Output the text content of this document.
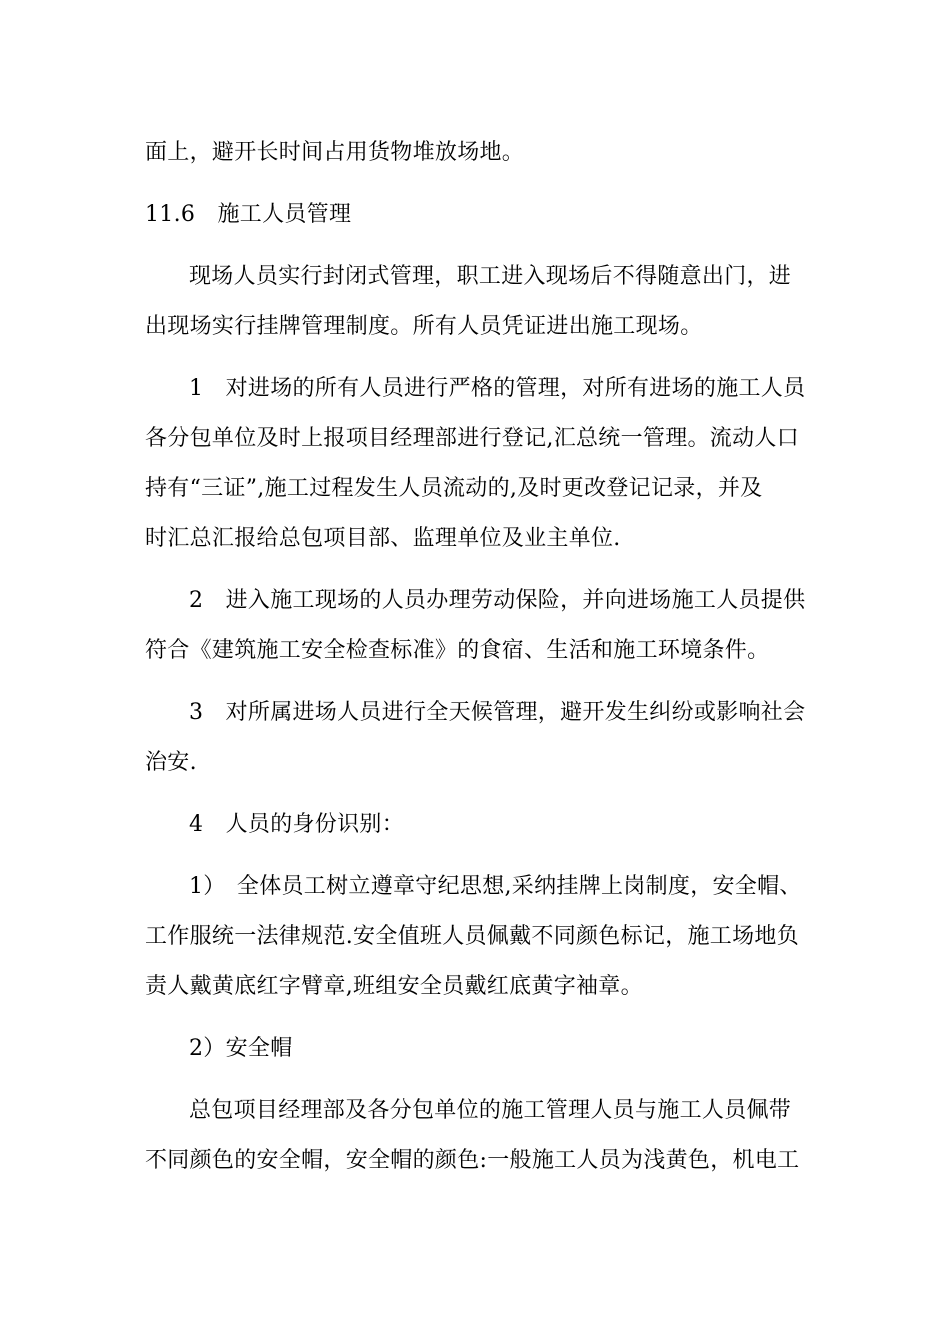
面上，避开长时间占用货物堆放场地。
11.6　施工人员管理
现场人员实行封闭式管理，职工进入现场后不得随意出门，进
出现场实行挂牌管理制度。所有人员凭证进出施工现场。
1　对进场的所有人员进行严格的管理，对所有进场的施工人员
各分包单位及时上报项目经理部进行登记,汇总统一管理。流动人口
持有“三证”,施工过程发生人员流动的,及时更改登记记录，并及
时汇总汇报给总包项目部、监理单位及业主单位.
2　进入施工现场的人员办理劳动保险，并向进场施工人员提供
符合《建筑施工安全检查标准》的食宿、生活和施工环境条件。
3　对所属进场人员进行全天候管理，避开发生纠纷或影响社会
治安.
4　人员的身份识别：
1）　全体员工树立遵章守纪思想,采纳挂牌上岗制度，安全帽、
工作服统一法律规范.安全值班人员佩戴不同颜色标记，施工场地负
责人戴黄底红字臂章,班组安全员戴红底黄字袖章。
2）安全帽
总包项目经理部及各分包单位的施工管理人员与施工人员佩带
不同颜色的安全帽，安全帽的颜色:一般施工人员为浅黄色，机电工
